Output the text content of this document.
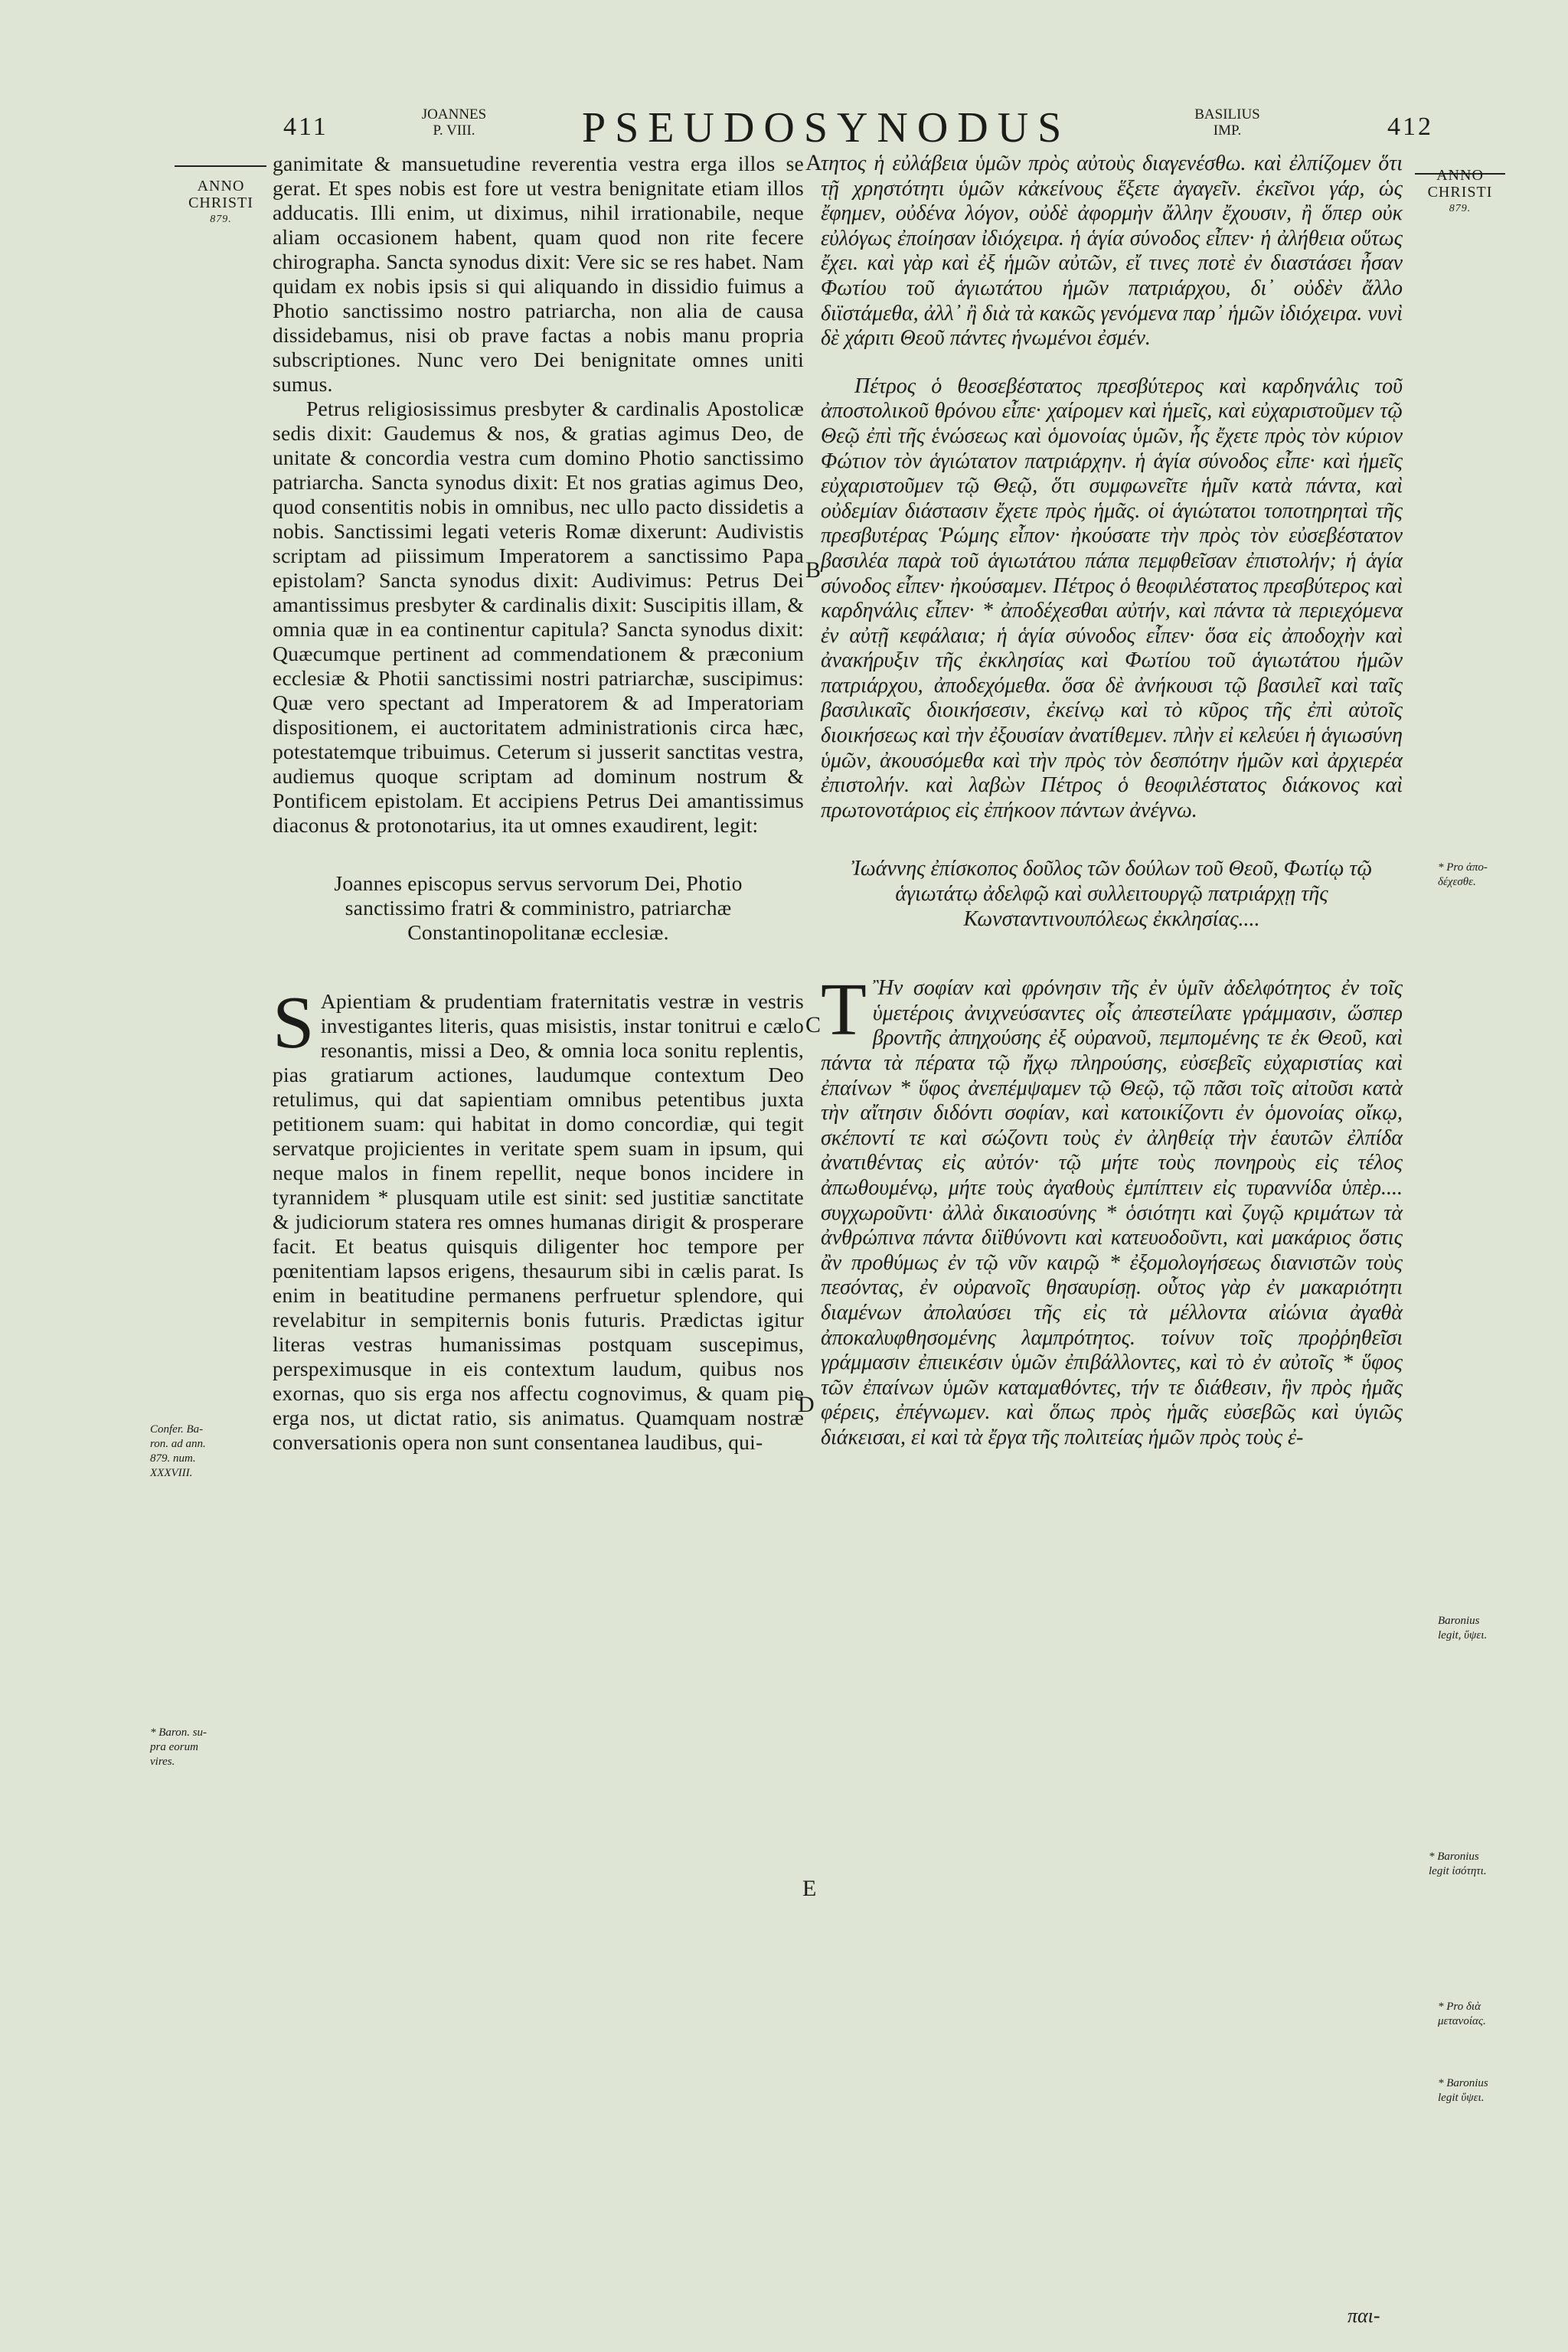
411	JOANNES
P. VIII.	PSEUDOSYNODUS	BASILIUS
IMP.	412
ANNO
CHRISTI
879.
ANNO
CHRISTI
879.
A
B
C
D
E
Confer. Ba-
ron. ad ann.
879. num.
XXXVIII.
* Baron. su-
pra eorum
vires.
* Pro ἀπο-
δέχεσθε.
Baronius
legit, ὕψει.
* Baronius
legit ἰσότητι.
* Pro διὰ
μετανοίας.
* Baronius
legit ὕψει.

ganimitate & mansuetudine reverentia vestra erga illos se gerat. Et spes nobis est fore ut vestra benignitate etiam illos adducatis. Illi enim, ut diximus, nihil irrationabile, neque aliam occasionem habent, quam quod non rite fecere chirographa. Sancta synodus dixit: Vere sic se res habet. Nam quidam ex nobis ipsis si qui aliquando in dissidio fuimus a Photio sanctissimo nostro patriarcha, non alia de causa dissidebamus, nisi ob prave factas a nobis manu propria subscriptiones. Nunc vero Dei benignitate omnes uniti sumus.

Petrus religiosissimus presbyter & cardinalis Apostolicæ sedis dixit: Gaudemus & nos, & gratias agimus Deo, de unitate & concordia vestra cum domino Photio sanctissimo patriarcha. Sancta synodus dixit: Et nos gratias agimus Deo, quod consentitis nobis in omnibus, nec ullo pacto dissidetis a nobis. Sanctissimi legati veteris Romæ dixerunt: Audivistis scriptam ad piissimum Imperatorem a sanctissimo Papa epistolam? Sancta synodus dixit: Audivimus: Petrus Dei amantissimus presbyter & cardinalis dixit: Suscipitis illam, & omnia quæ in ea continentur capitula? Sancta synodus dixit: Quæcumque pertinent ad commendationem & præconium ecclesiæ & Photii sanctissimi nostri patriarchæ, suscipimus: Quæ vero spectant ad Imperatorem & ad Imperatoriam dispositionem, ei auctoritatem administrationis circa hæc, potestatemque tribuimus. Ceterum si jusserit sanctitas vestra, audiemus quoque scriptam ad dominum nostrum & Pontificem epistolam. Et accipiens Petrus Dei amantissimus diaconus & protonotarius, ita ut omnes exaudirent, legit:

Joannes episcopus servus servorum Dei, Photio sanctissimo fratri & comministro, patriarchæ Constantinopolitanæ ecclesiæ.

S Apientiam & prudentiam fraternitatis vestræ in vestris investigantes literis, quas misistis, instar tonitrui e cælo resonantis, missi a Deo, & omnia loca sonitu replentis, pias gratiarum actiones, laudumque contextum Deo retulimus, qui dat sapientiam omnibus petentibus juxta petitionem suam: qui habitat in domo concordiæ, qui tegit servatque projicientes in veritate spem suam in ipsum, qui neque malos in finem repellit, neque bonos incidere in tyrannidem * plusquam utile est sinit: sed justitiæ sanctitate & judiciorum statera res omnes humanas dirigit & prosperare facit. Et beatus quisquis diligenter hoc tempore per pœnitentiam lapsos erigens, thesaurum sibi in cælis parat. Is enim in beatitudine permanens perfruetur splendore, qui revelabitur in sempiternis bonis futuris. Prædictas igitur literas vestras humanissimas postquam suscepimus, perspeximusque in eis contextum laudum, quibus nos exornas, quo sis erga nos affectu cognovimus, & quam pie erga nos, ut dictat ratio, sis animatus. Quamquam nostræ conversationis opera non sunt consentanea laudibus, qui-

τητος ἡ εὐλάβεια ὑμῶν πρὸς αὐτοὺς διαγενέσθω. καὶ ἐλπίζομεν ὅτι τῇ χρηστότητι ὑμῶν κἀκείνους ἕξετε ἀγαγεῖν. ἐκεῖνοι γάρ, ὡς ἔφημεν, οὐδένα λόγον, οὐδὲ ἀφορμὴν ἄλλην ἔχουσιν, ἢ ὅπερ οὐκ εὐλόγως ἐποίησαν ἰδιόχειρα. ἡ ἁγία σύνοδος εἶπεν· ἡ ἀλήθεια οὕτως ἔχει. καὶ γὰρ καὶ ἐξ ἡμῶν αὐτῶν, εἴ τινες ποτὲ ἐν διαστάσει ἦσαν Φωτίου τοῦ ἁγιωτάτου ἡμῶν πατριάρχου, δι᾽ οὐδὲν ἄλλο διϊστάμεθα, ἀλλ᾽ ἢ διὰ τὰ κακῶς γενόμενα παρ᾽ ἡμῶν ἰδιόχειρα. νυνὶ δὲ χάριτι Θεοῦ πάντες ἡνωμένοι ἐσμέν.

Πέτρος ὁ θεοσεβέστατος πρεσβύτερος καὶ καρδηνάλις τοῦ ἀποστολικοῦ θρόνου εἶπε· χαίρομεν καὶ ἡμεῖς, καὶ εὐχαριστοῦμεν τῷ Θεῷ ἐπὶ τῆς ἑνώσεως καὶ ὁμονοίας ὑμῶν, ἧς ἔχετε πρὸς τὸν κύριον Φώτιον τὸν ἁγιώτατον πατριάρχην. ἡ ἁγία σύνοδος εἶπε· καὶ ἡμεῖς εὐχαριστοῦμεν τῷ Θεῷ, ὅτι συμφωνεῖτε ἡμῖν κατὰ πάντα, καὶ οὐδεμίαν διάστασιν ἔχετε πρὸς ἡμᾶς. οἱ ἁγιώτατοι τοποτηρηταὶ τῆς πρεσβυτέρας Ῥώμης εἶπον· ἠκούσατε τὴν πρὸς τὸν εὐσεβέστατον βασιλέα παρὰ τοῦ ἁγιωτάτου πάπα πεμφθεῖσαν ἐπιστολήν; ἡ ἁγία σύνοδος εἶπεν· ἠκούσαμεν. Πέτρος ὁ θεοφιλέστατος πρεσβύτερος καὶ καρδηνάλις εἶπεν· * ἀποδέχεσθαι αὐτήν, καὶ πάντα τὰ περιεχόμενα ἐν αὐτῇ κεφάλαια; ἡ ἁγία σύνοδος εἶπεν· ὅσα εἰς ἀποδοχὴν καὶ ἀνακήρυξιν τῆς ἐκκλησίας καὶ Φωτίου τοῦ ἁγιωτάτου ἡμῶν πατριάρχου, ἀποδεχόμεθα. ὅσα δὲ ἀνήκουσι τῷ βασιλεῖ καὶ ταῖς βασιλικαῖς διοικήσεσιν, ἐκείνῳ καὶ τὸ κῦρος τῆς ἐπὶ αὐτοῖς διοικήσεως καὶ τὴν ἐξουσίαν ἀνατίθεμεν. πλὴν εἰ κελεύει ἡ ἁγιωσύνη ὑμῶν, ἀκουσόμεθα καὶ τὴν πρὸς τὸν δεσπότην ἡμῶν καὶ ἀρχιερέα ἐπιστολήν. καὶ λαβὼν Πέτρος ὁ θεοφιλέστατος διάκονος καὶ πρωτονοτάριος εἰς ἐπήκοον πάντων ἀνέγνω.

Ἰωάννης ἐπίσκοπος δοῦλος τῶν δούλων τοῦ Θεοῦ, Φωτίῳ τῷ ἁγιωτάτῳ ἀδελφῷ καὶ συλλειτουργῷ πατριάρχῃ τῆς Κωνσταντινουπόλεως ἐκκλησίας....

T Ἢν σοφίαν καὶ φρόνησιν τῆς ἐν ὑμῖν ἀδελφότητος ἐν τοῖς ὑμετέροις ἀνιχνεύσαντες οἷς ἀπεστείλατε γράμμασιν, ὥσπερ βροντῆς ἀπηχούσης ἐξ οὐρανοῦ, πεμπομένης τε ἐκ Θεοῦ, καὶ πάντα τὰ πέρατα τῷ ἤχῳ πληρούσης, εὐσεβεῖς εὐχαριστίας καὶ ἐπαίνων * ὕφος ἀνεπέμψαμεν τῷ Θεῷ, τῷ πᾶσι τοῖς αἰτοῦσι κατὰ τὴν αἴτησιν διδόντι σοφίαν, καὶ κατοικίζοντι ἐν ὁμονοίας οἴκῳ, σκέποντί τε καὶ σώζοντι τοὺς ἐν ἀληθείᾳ τὴν ἑαυτῶν ἐλπίδα ἀνατιθέντας εἰς αὐτόν· τῷ μήτε τοὺς πονηροὺς εἰς τέλος ἀπωθουμένῳ, μήτε τοὺς ἀγαθοὺς ἐμπίπτειν εἰς τυραννίδα ὑπὲρ.... συγχωροῦντι· ἀλλὰ δικαιοσύνης * ὁσιότητι καὶ ζυγῷ κριμάτων τὰ ἀνθρώπινα πάντα διϊθύνοντι καὶ κατευοδοῦντι, καὶ μακάριος ὅστις ἂν προθύμως ἐν τῷ νῦν καιρῷ * ἐξομολογήσεως διανιστῶν τοὺς πεσόντας, ἐν οὐρανοῖς θησαυρίσῃ. οὗτος γὰρ ἐν μακαριότητι διαμένων ἀπολαύσει τῆς εἰς τὰ μέλλοντα αἰώνια ἀγαθὰ ἀποκαλυφθησομένης λαμπρότητος. τοίνυν τοῖς προῤῥηθεῖσι γράμμασιν ἐπιεικέσιν ὑμῶν ἐπιβάλλοντες, καὶ τὸ ἐν αὐτοῖς * ὕφος τῶν ἐπαίνων ὑμῶν καταμαθόντες, τήν τε διάθεσιν, ἣν πρὸς ἡμᾶς φέρεις, ἐπέγνωμεν. καὶ ὅπως πρὸς ἡμᾶς εὐσεβῶς καὶ ὑγιῶς διάκεισαι, εἰ καὶ τὰ ἔργα τῆς πολιτείας ἡμῶν πρὸς τοὺς ἐ-

παι-
